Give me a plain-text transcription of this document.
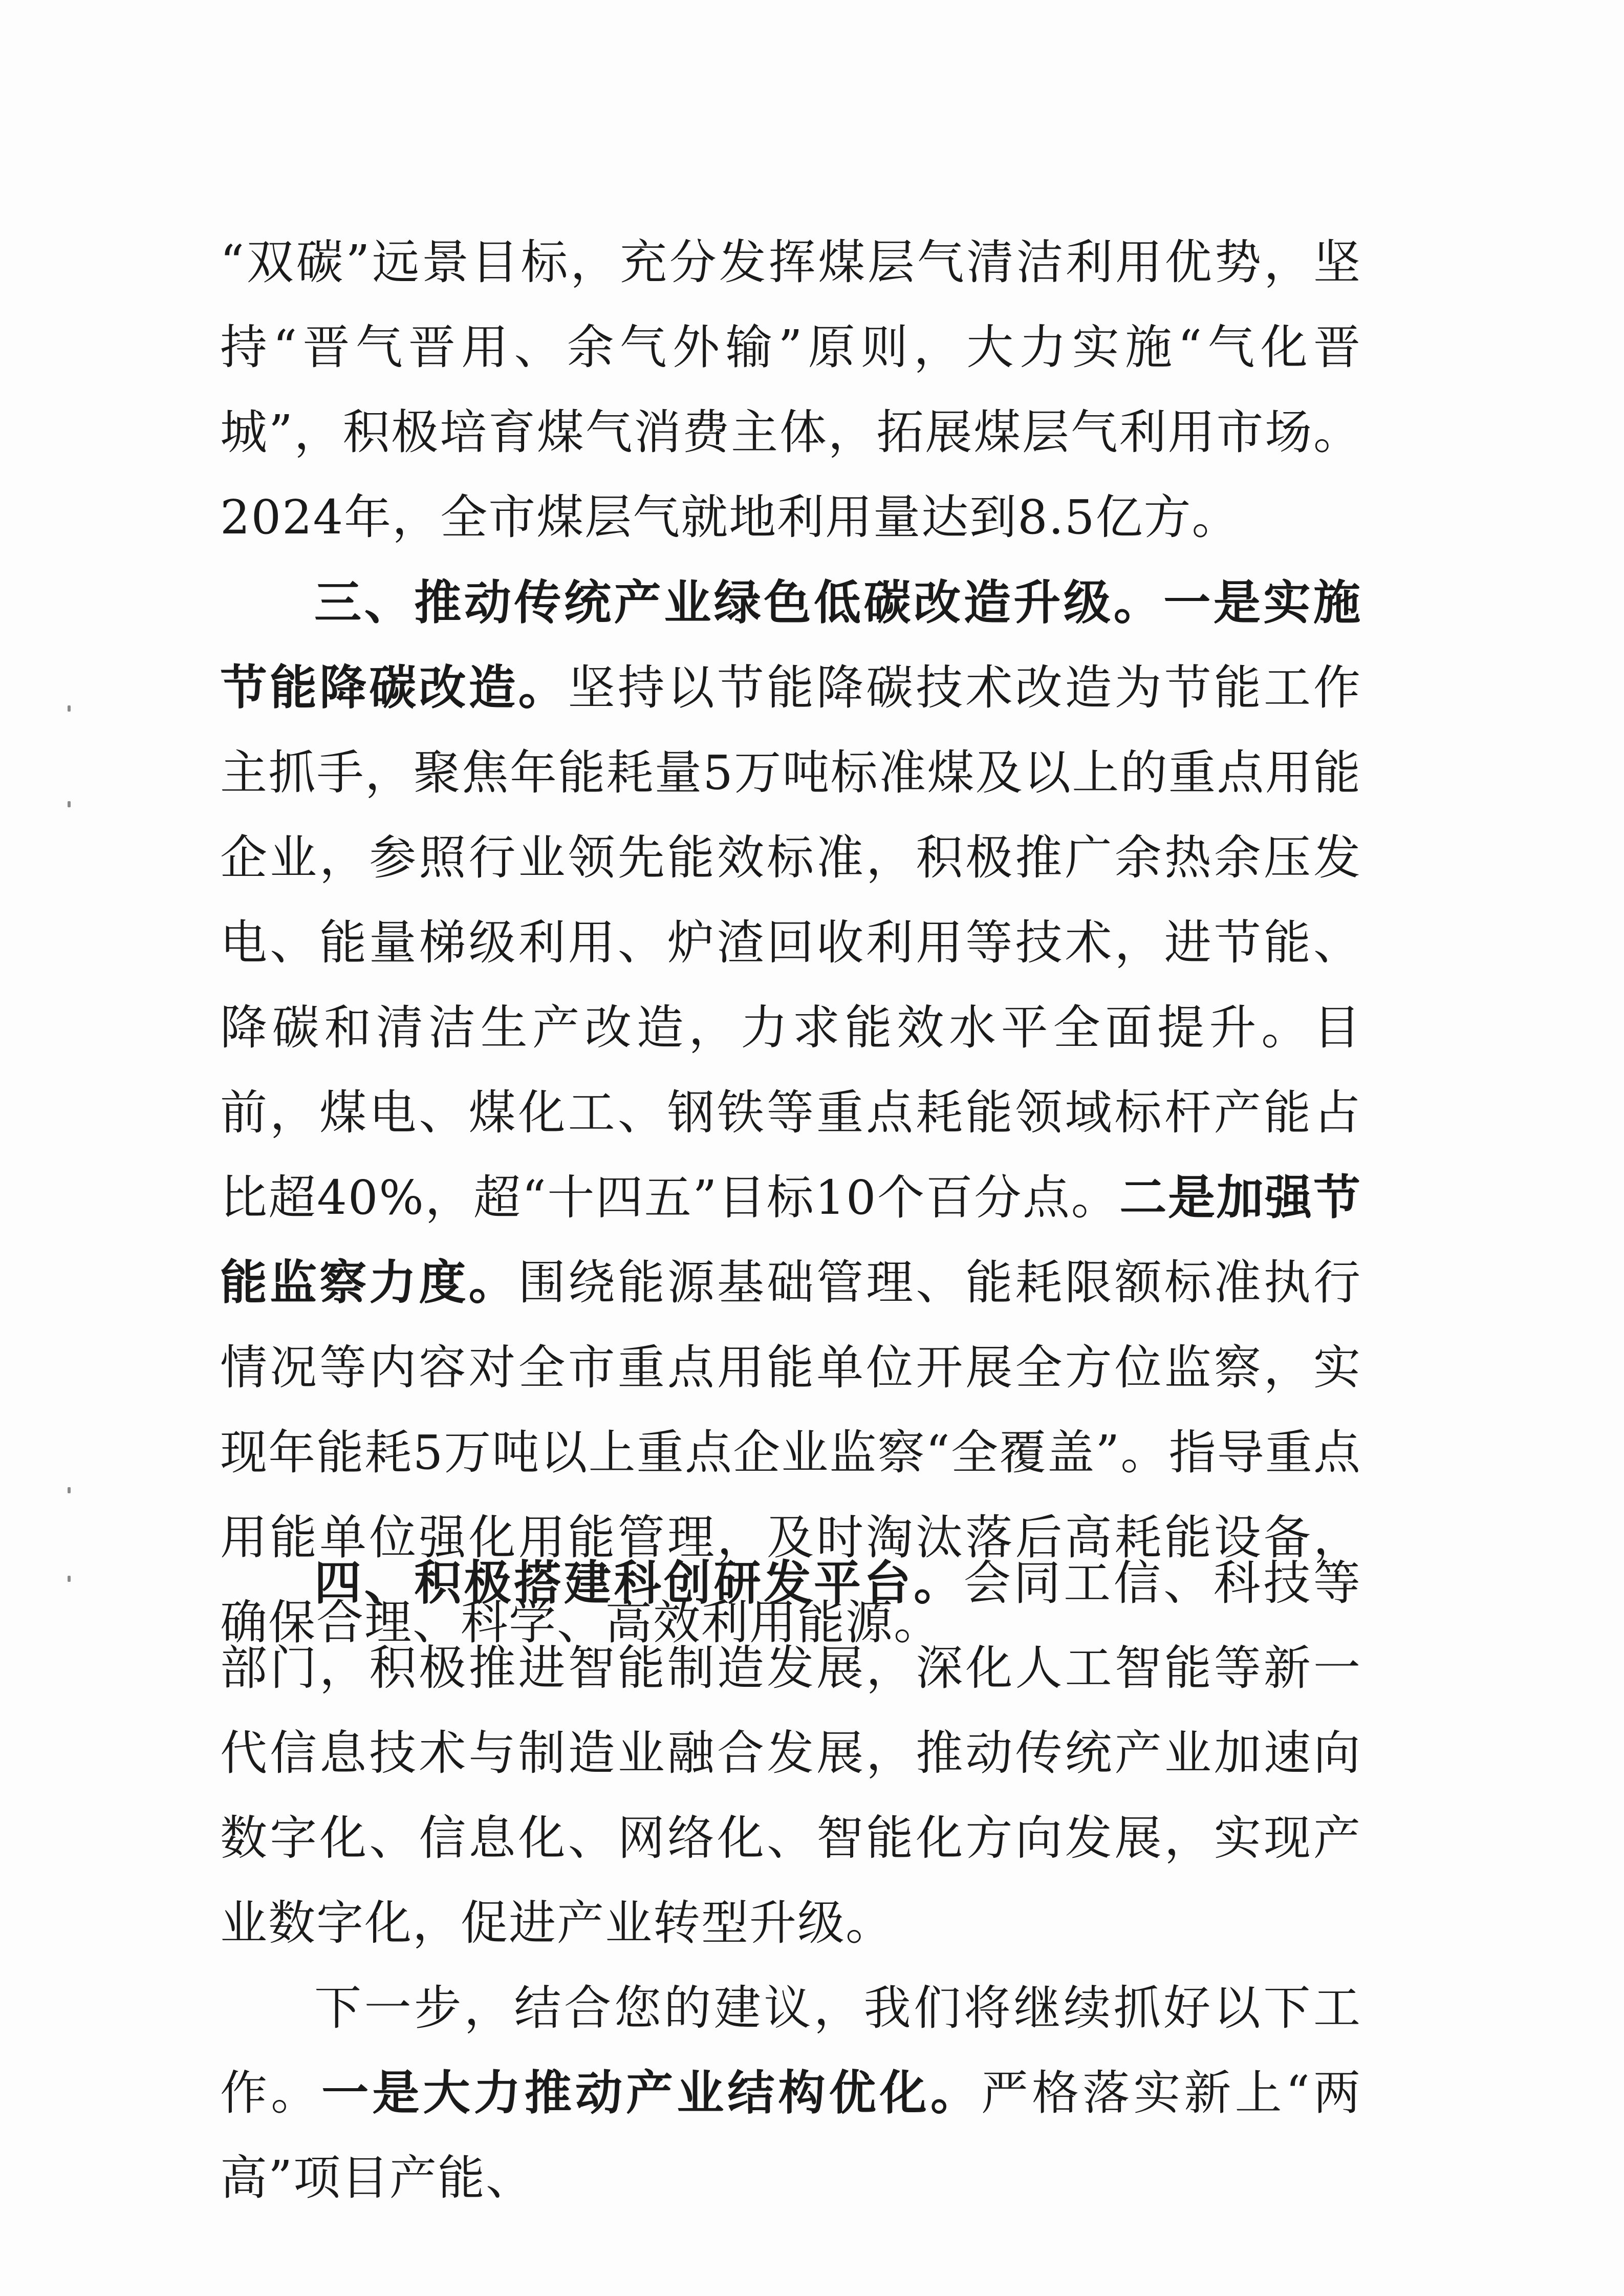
“双碳”远景目标，充分发挥煤层气清洁利用优势，坚持“晋气晋用、余气外输”原则，大力实施“气化晋城”，积极培育煤气消费主体，拓展煤层气利用市场。2024年，全市煤层气就地利用量达到8.5亿方。

三、推动传统产业绿色低碳改造升级。一是实施节能降碳改造。坚持以节能降碳技术改造为节能工作主抓手，聚焦年能耗量5万吨标准煤及以上的重点用能企业，参照行业领先能效标准，积极推广余热余压发电、能量梯级利用、炉渣回收利用等技术，进节能、降碳和清洁生产改造，力求能效水平全面提升。目前，煤电、煤化工、钢铁等重点耗能领域标杆产能占比超40%，超“十四五”目标10个百分点。二是加强节能监察力度。围绕能源基础管理、能耗限额标准执行情况等内容对全市重点用能单位开展全方位监察，实现年能耗5万吨以上重点企业监察“全覆盖”。指导重点用能单位强化用能管理，及时淘汰落后高耗能设备，确保合理、科学、高效利用能源。

四、积极搭建科创研发平台。会同工信、科技等部门，积极推进智能制造发展，深化人工智能等新一代信息技术与制造业融合发展，推动传统产业加速向数字化、信息化、网络化、智能化方向发展，实现产业数字化，促进产业转型升级。

下一步，结合您的建议，我们将继续抓好以下工作。一是大力推动产业结构优化。严格落实新上“两高”项目产能、
